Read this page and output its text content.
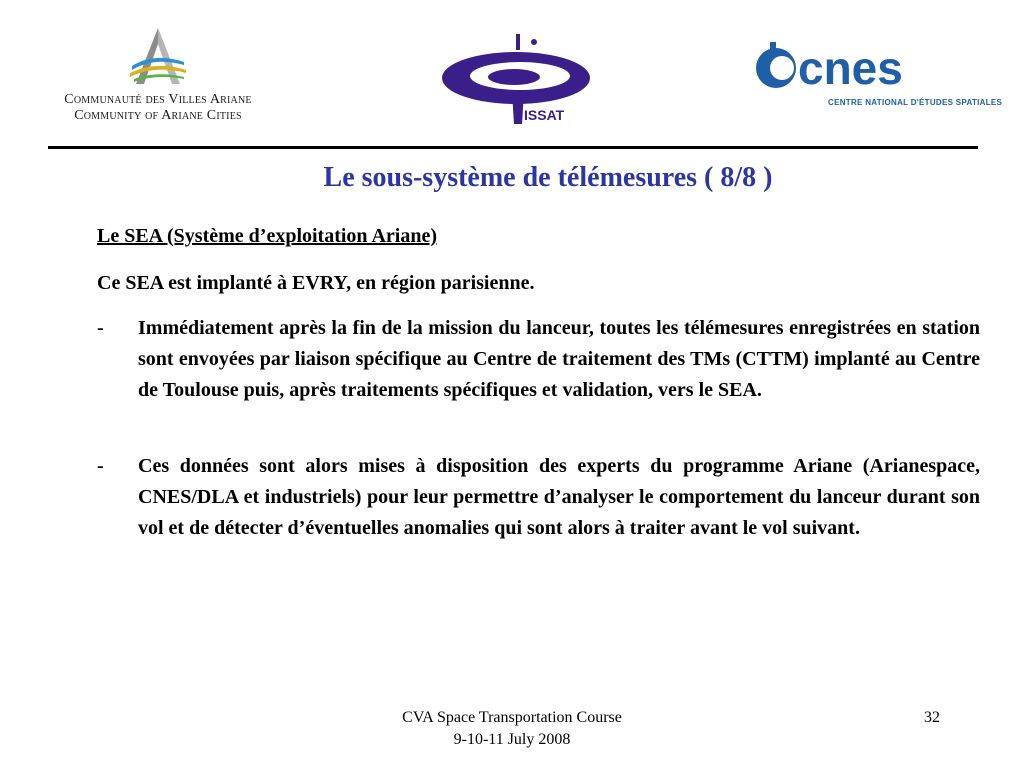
Communauté des Villes Ariane
Community of Ariane Cities	ISSAT
cnes
CENTRE NATIONAL D'ÉTUDES SPATIALES
Le sous-système de télémesures ( 8/8 )
Le SEA (Système d’exploitation Ariane)
Ce SEA est implanté à EVRY, en région parisienne.
-	Immédiatement après la fin de la mission du lanceur, toutes les télémesures enregistrées en station sont envoyées par liaison spécifique au Centre de traitement des TMs (CTTM) implanté au Centre de Toulouse puis, après traitements spécifiques et validation, vers le SEA.
-	Ces données sont alors mises à disposition des experts du programme Ariane (Arianespace, CNES/DLA et industriels) pour leur permettre d’analyser le comportement du lanceur durant son vol et de détecter d’éventuelles anomalies qui sont alors à traiter avant le vol suivant.
CVA Space Transportation Course
9-10-11 July 2008
32
